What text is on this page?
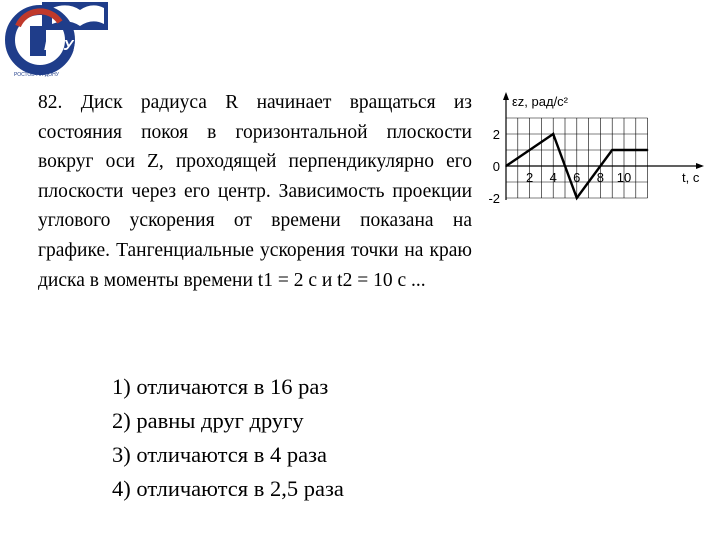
РГУПС
РОСТОВ-НА-ДОНУ

82. Диск радиуса R начинает вращаться из состояния покоя в горизонтальной плоскости вокруг оси Z, проходящей перпендикулярно его плоскости через его центр. Зависимость проекции углового ускорения от времени показана на графике. Тангенциальные ускорения точки на краю диска в моменты времени t1 = 2 с и t2 = 10 с ...

εz, рад/с²
t, с
2 4 6 8 10
2
0
-2
1) отличаются в 16 раз
2) равны друг другу
3) отличаются в 4 раза
4) отличаются в 2,5 раза
